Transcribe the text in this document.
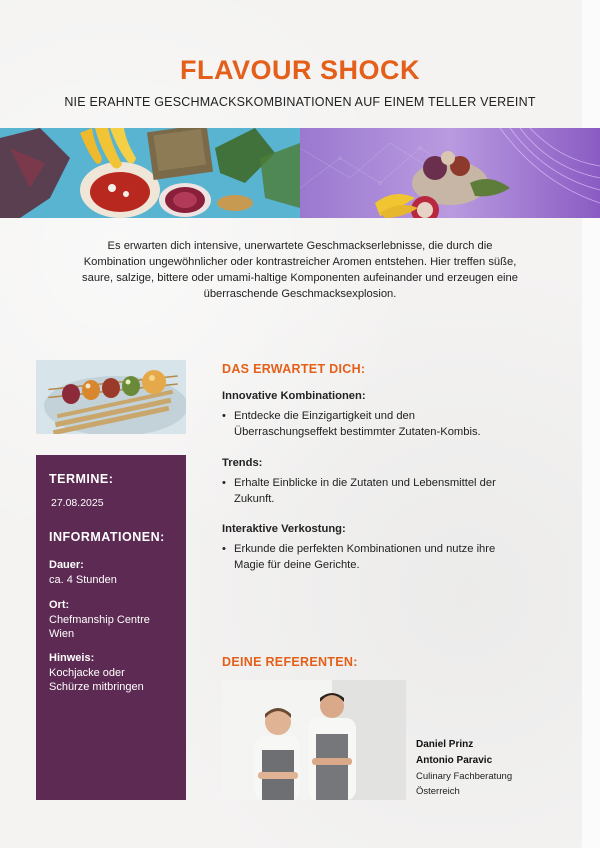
FLAVOUR SHOCK
NIE ERAHNTE GESCHMACKSKOMBINATIONEN AUF EINEM TELLER VEREINT
Es erwarten dich intensive, unerwartete Geschmackserlebnisse, die durch die
Kombination ungewöhnlicher oder kontrastreicher Aromen entstehen. Hier treffen süße,
saure, salzige, bittere oder umami-haltige Komponenten aufeinander und erzeugen eine
überraschende Geschmacksexplosion.
TERMINE:
27.08.2025
INFORMATIONEN:
Dauer:
ca. 4 Stunden
Ort:
Chefmanship Centre
Wien
Hinweis:
Kochjacke oder
Schürze mitbringen
DAS ERWARTET DICH:
Innovative Kombinationen:
• Entdecke die Einzigartigkeit und den
Überraschungseffekt bestimmter Zutaten-Kombis.
Trends:
• Erhalte Einblicke in die Zutaten und Lebensmittel der
Zukunft.
Interaktive Verkostung:
• Erkunde die perfekten Kombinationen und nutze ihre
Magie für deine Gerichte.
DEINE REFERENTEN:
Daniel Prinz
Antonio Paravic
Culinary Fachberatung
Österreich
